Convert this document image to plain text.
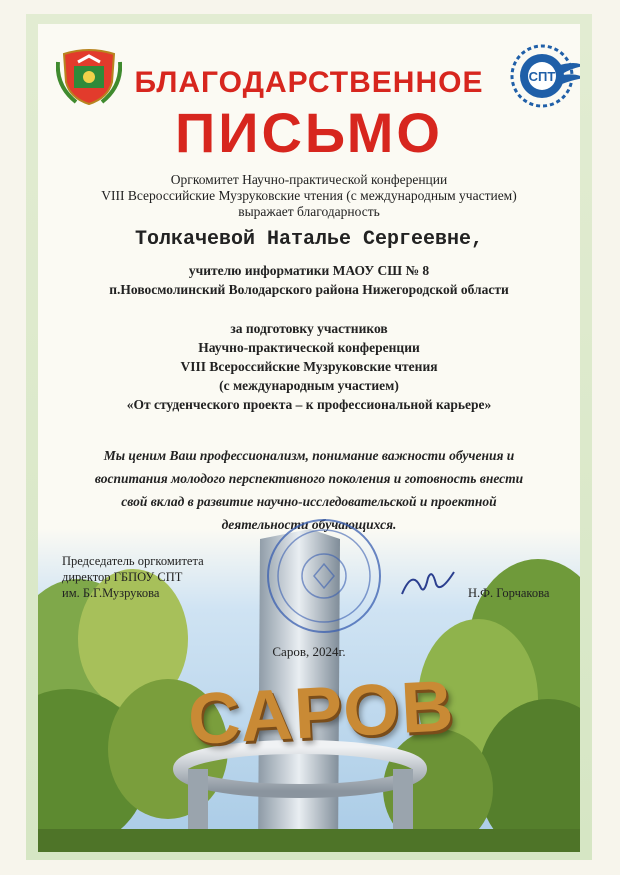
СПТ
БЛАГОДАРСТВЕННОЕ
ПИСЬМО
Оргкомитет Научно-практической конференции
VIII Всероссийские Музруковские чтения (с международным участием)
выражает благодарность
Толкачевой Наталье Сергеевне,
учителю информатики МАОУ СШ № 8
п.Новосмолинский Володарского района Нижегородской области
за подготовку участников
Научно-практической конференции
VIII Всероссийские Музруковские чтения
(с международным участием)
«От студенческого проекта – к профессиональной карьере»
Мы ценим Ваш профессионализм, понимание важности обучения и
воспитания молодого перспективного поколения и готовность внести
свой вклад в развитие научно-исследовательской и проектной
деятельности обучающихся.
Председатель оргкомитета
директор ГБПОУ СПТ
им. Б.Г.Музрукова	Н.Ф. Горчакова
Саров, 2024г.
САРОВ
